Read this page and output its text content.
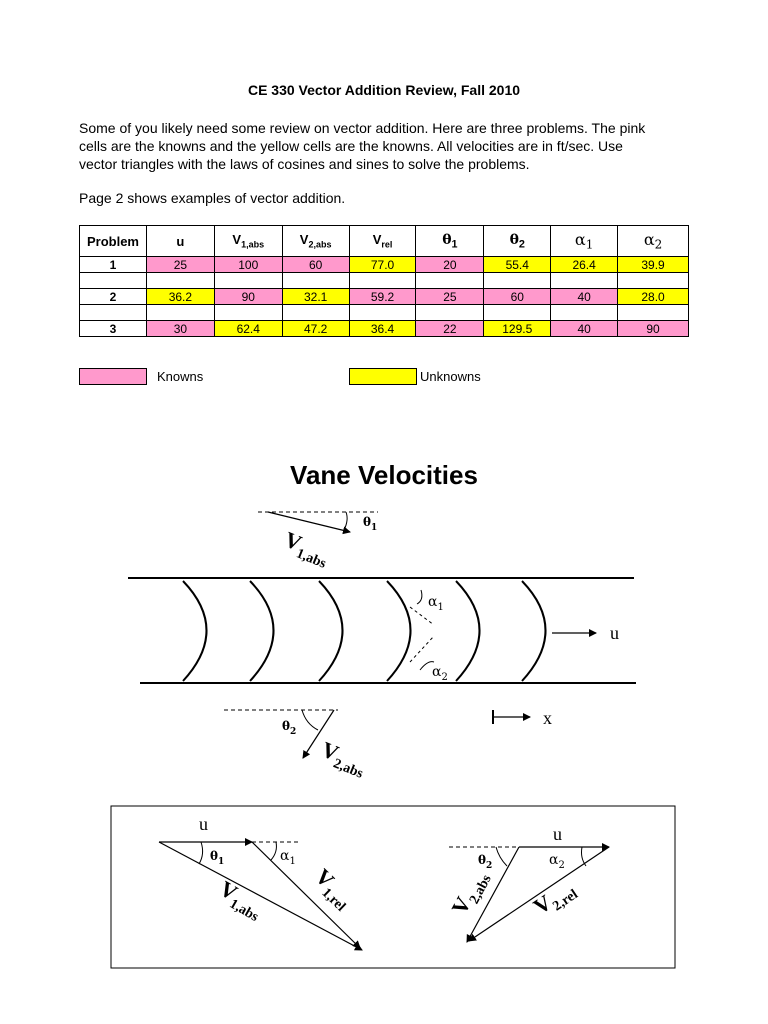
CE 330 Vector Addition Review, Fall 2010
Some of you likely need some review on vector addition. Here are three problems. The pink
cells are the knowns and the yellow cells are the knowns. All velocities are in ft/sec. Use
vector triangles with the laws of cosines and sines to solve the problems.
Page 2 shows examples of vector addition.
Problem	u	$V_{1,abs}$	$V_{2,abs}$	$V_{rel}$	$\theta_1$	$\theta_2$	$\alpha_1$	$\alpha_2$
1	25	100	60	77.0	20	55.4	26.4	39.9

2	36.2	90	32.1	59.2	25	60	40	28.0

3	30	62.4	47.2	36.4	22	129.5	40	90
Knowns	Unknowns
Vane Velocities
$\theta_1$
$V_{1,abs}$
$\alpha_1$
$\alpha_2$
u
$\theta_2$
$V_{2,abs}$
x
u
$\theta_1$	$\alpha_1$
$V_{1,abs}$
$V_{1,rel}$
u
$\theta_2$	$\alpha_2$
$V_{2,abs}$ $V_{2,rel}$
